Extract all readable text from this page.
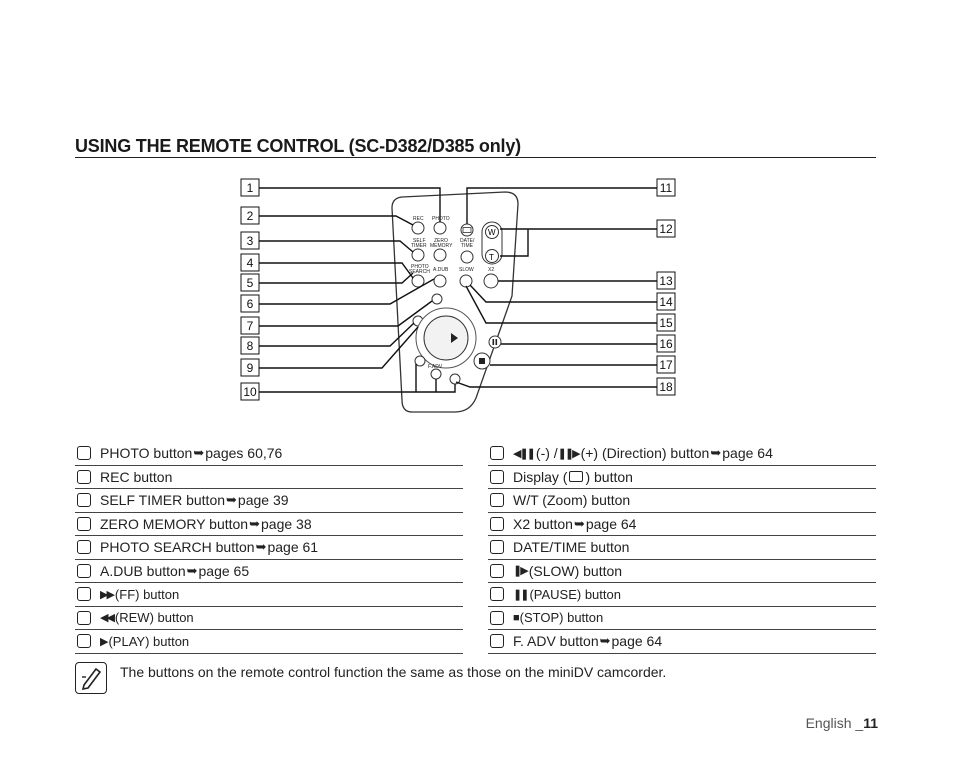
USING THE REMOTE CONTROL (SC-D382/D385 only)
REC PHOTO
SELF
TIMER
ZERO
MEMORY
DATE/
TIME
PHOTO
SEARCH A.DUB SLOW	X2
W
T
F.ADV
1
2
3
4
5
6
7
8
9
10
11
12
13
14
15
16
17
18
PHOTO button ➥ pages 60,76
REC button
SELF TIMER button ➥ page 39
ZERO MEMORY button ➥ page 38
PHOTO SEARCH button ➥ page 61
A.DUB button ➥ page 65
▶▶ (FF) button
◀◀ (REW) button
▶ (PLAY) button
◀❚❚ (-) / ❚❚▶ (+) (Direction) button ➥ page 64
Display ( ) button
W/T (Zoom) button
X2 button ➥ page 64
DATE/TIME button
❚▶ (SLOW) button
❚❚ (PAUSE) button
■ (STOP) button
F. ADV button ➥ page 64
The buttons on the remote control function the same as those on the miniDV camcorder.
English _11
